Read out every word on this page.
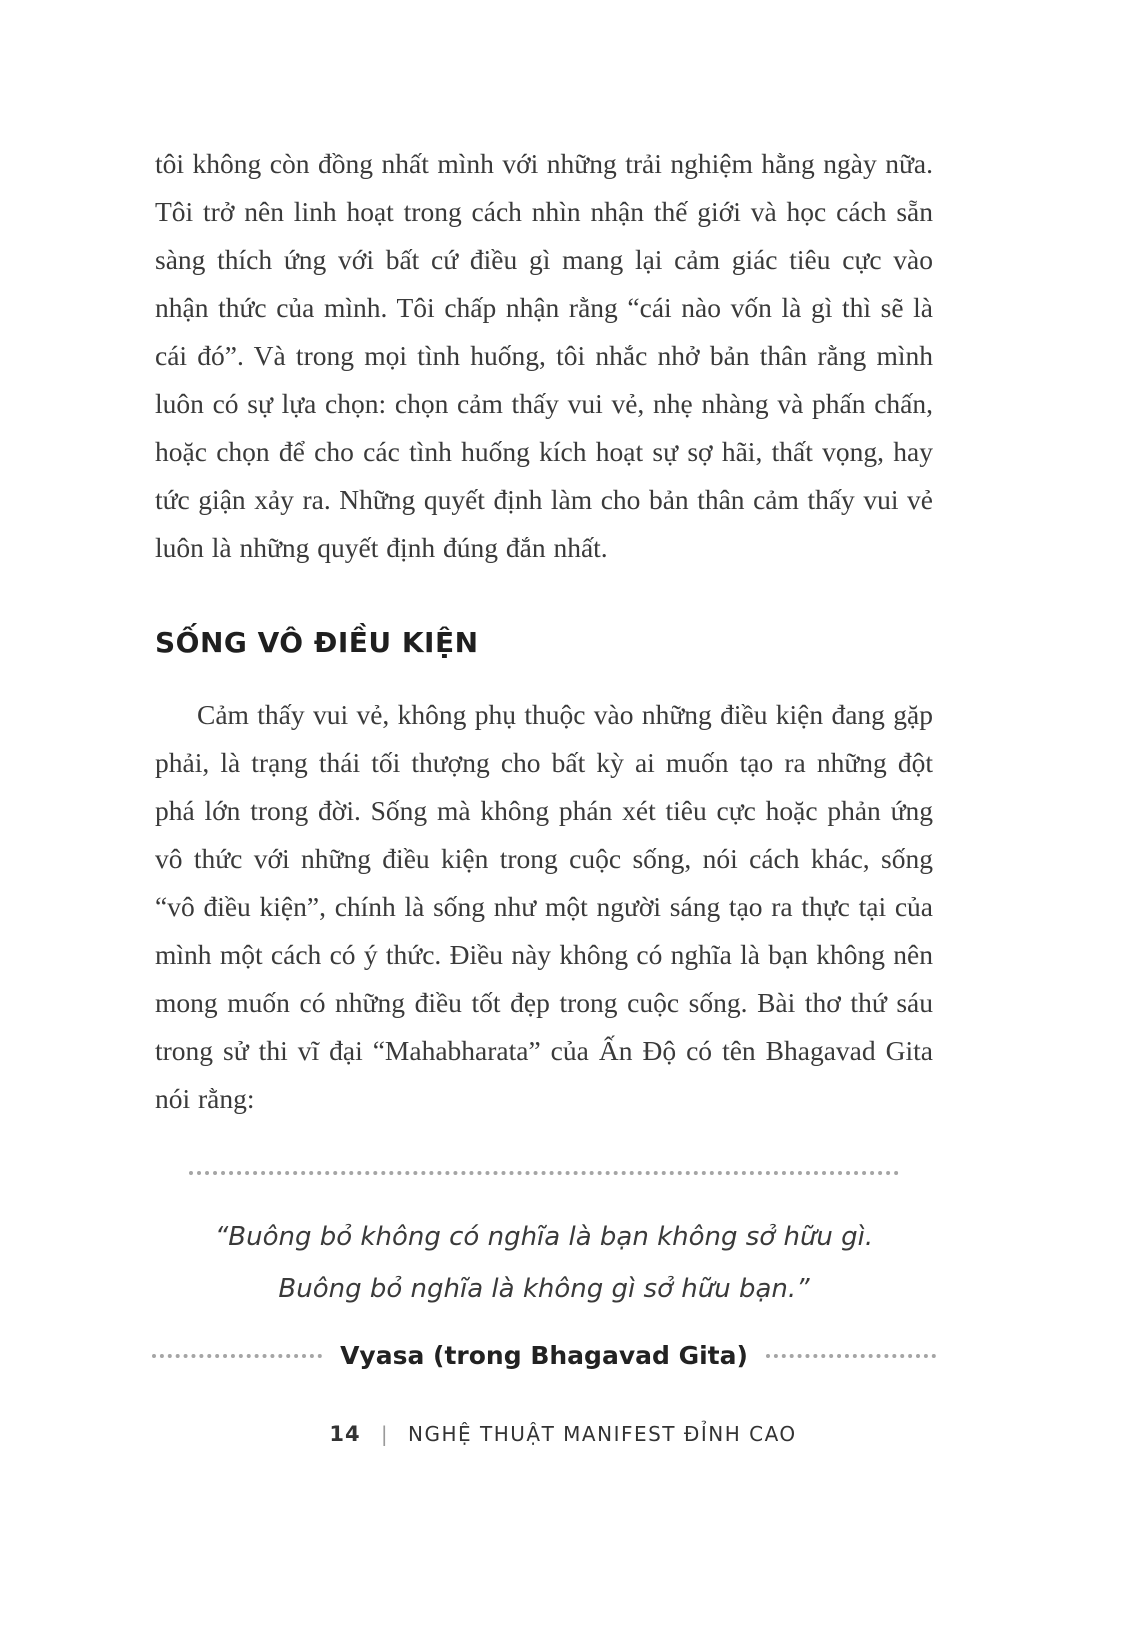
tôi không còn đồng nhất mình với những trải nghiệm hằng ngày nữa. Tôi trở nên linh hoạt trong cách nhìn nhận thế giới và học cách sẵn sàng thích ứng với bất cứ điều gì mang lại cảm giác tiêu cực vào nhận thức của mình. Tôi chấp nhận rằng “cái nào vốn là gì thì sẽ là cái đó”. Và trong mọi tình huống, tôi nhắc nhở bản thân rằng mình luôn có sự lựa chọn: chọn cảm thấy vui vẻ, nhẹ nhàng và phấn chấn, hoặc chọn để cho các tình huống kích hoạt sự sợ hãi, thất vọng, hay tức giận xảy ra. Những quyết định làm cho bản thân cảm thấy vui vẻ luôn là những quyết định đúng đắn nhất.

SỐNG VÔ ĐIỀU KIỆN

Cảm thấy vui vẻ, không phụ thuộc vào những điều kiện đang gặp phải, là trạng thái tối thượng cho bất kỳ ai muốn tạo ra những đột phá lớn trong đời. Sống mà không phán xét tiêu cực hoặc phản ứng vô thức với những điều kiện trong cuộc sống, nói cách khác, sống “vô điều kiện”, chính là sống như một người sáng tạo ra thực tại của mình một cách có ý thức. Điều này không có nghĩa là bạn không nên mong muốn có những điều tốt đẹp trong cuộc sống. Bài thơ thứ sáu trong sử thi vĩ đại “Mahabharata” của Ấn Độ có tên Bhagavad Gita nói rằng:

“Buông bỏ không có nghĩa là bạn không sở hữu gì.
Buông bỏ nghĩa là không gì sở hữu bạn.”

Vyasa (trong Bhagavad Gita)
14 | NGHỆ THUẬT MANIFEST ĐỈNH CAO
